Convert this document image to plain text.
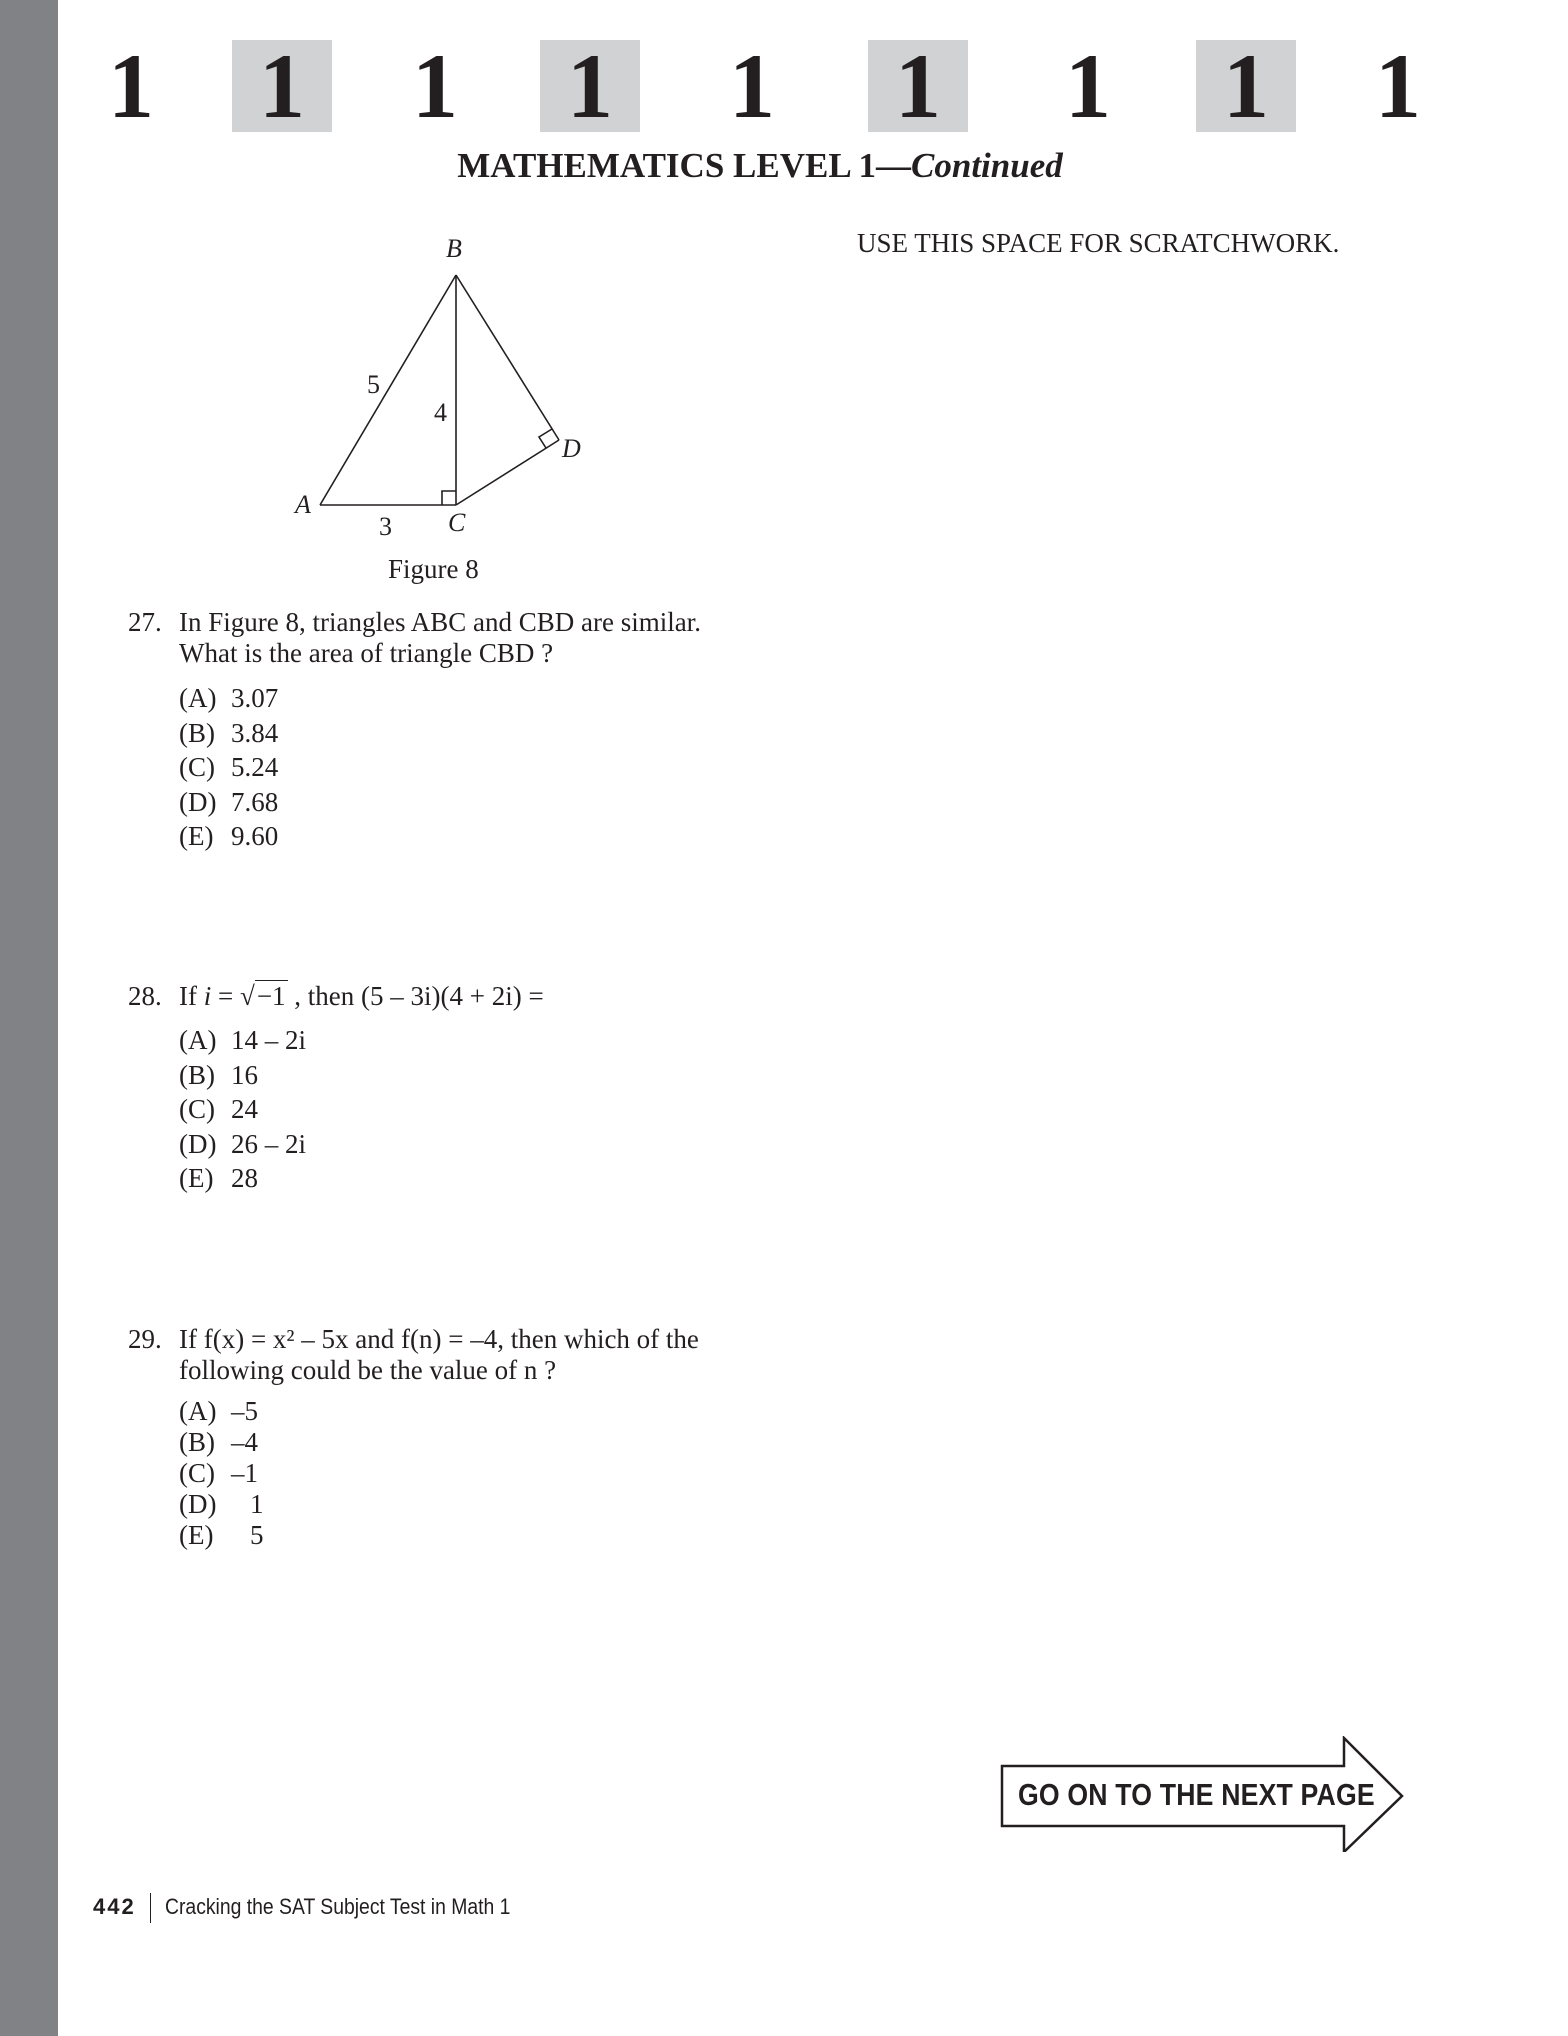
1 1 1 1 1 1 1 1 1
MATHEMATICS LEVEL 1—Continued
USE THIS SPACE FOR SCRATCHWORK.
B
A
C
D
5
4
3
Figure 8
27. In Figure 8, triangles ABC and CBD are similar.
What is the area of triangle CBD ?
(A) 3.07
(B) 3.84
(C) 5.24
(D) 7.68
(E) 9.60
28. If i = √−1 , then (5 – 3i)(4 + 2i) =
(A) 14 – 2i
(B) 16
(C) 24
(D) 26 – 2i
(E) 28
29. If f(x) = x² – 5x and f(n) = –4, then which of the
following could be the value of n ?
(A) –5
(B) –4
(C) –1
(D) 1
(E) 5
GO ON TO THE NEXT PAGE
442 Cracking the SAT Subject Test in Math 1
